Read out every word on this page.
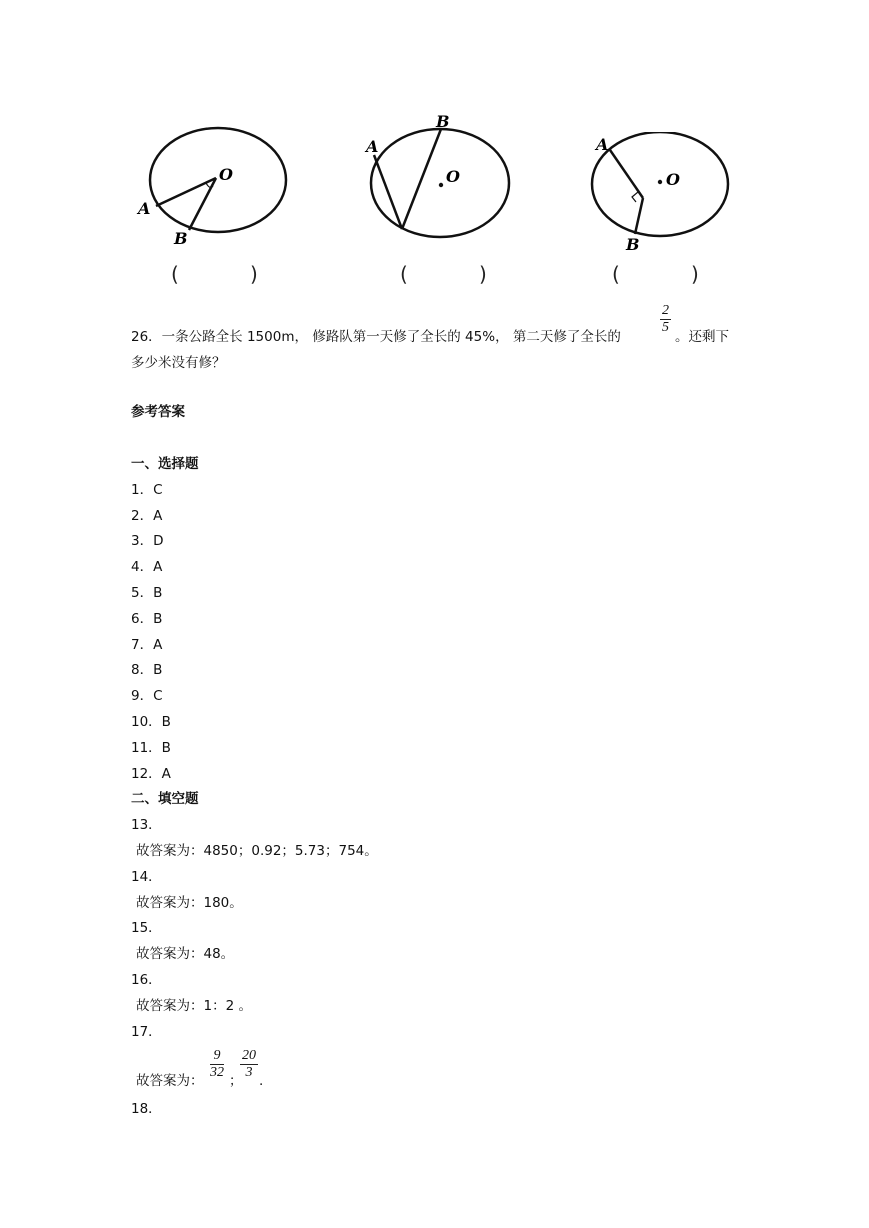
O
A
B
(	)
O
A
B
(	)
O
A
B
(	)
26．一条公路全长 1500m， 修路队第一天修了全长的 45%， 第二天修了全长的
$\frac{2}{5}$
。还剩下
多少米没有修？
参考答案
一、选择题
1．C
2．A
3．D
4．A
5．B
6．B
7．A
8．B
9．C
10．B
11．B
12．A
二、填空题
13．
故答案为：4850；0.92；5.73；754。
14．
故答案为：180。
15．
故答案为：48。
16．
故答案为：1：2 。
17．
故答案为： $\frac{9}{32}$ ；
$\frac{20}{3}$ .
18．
